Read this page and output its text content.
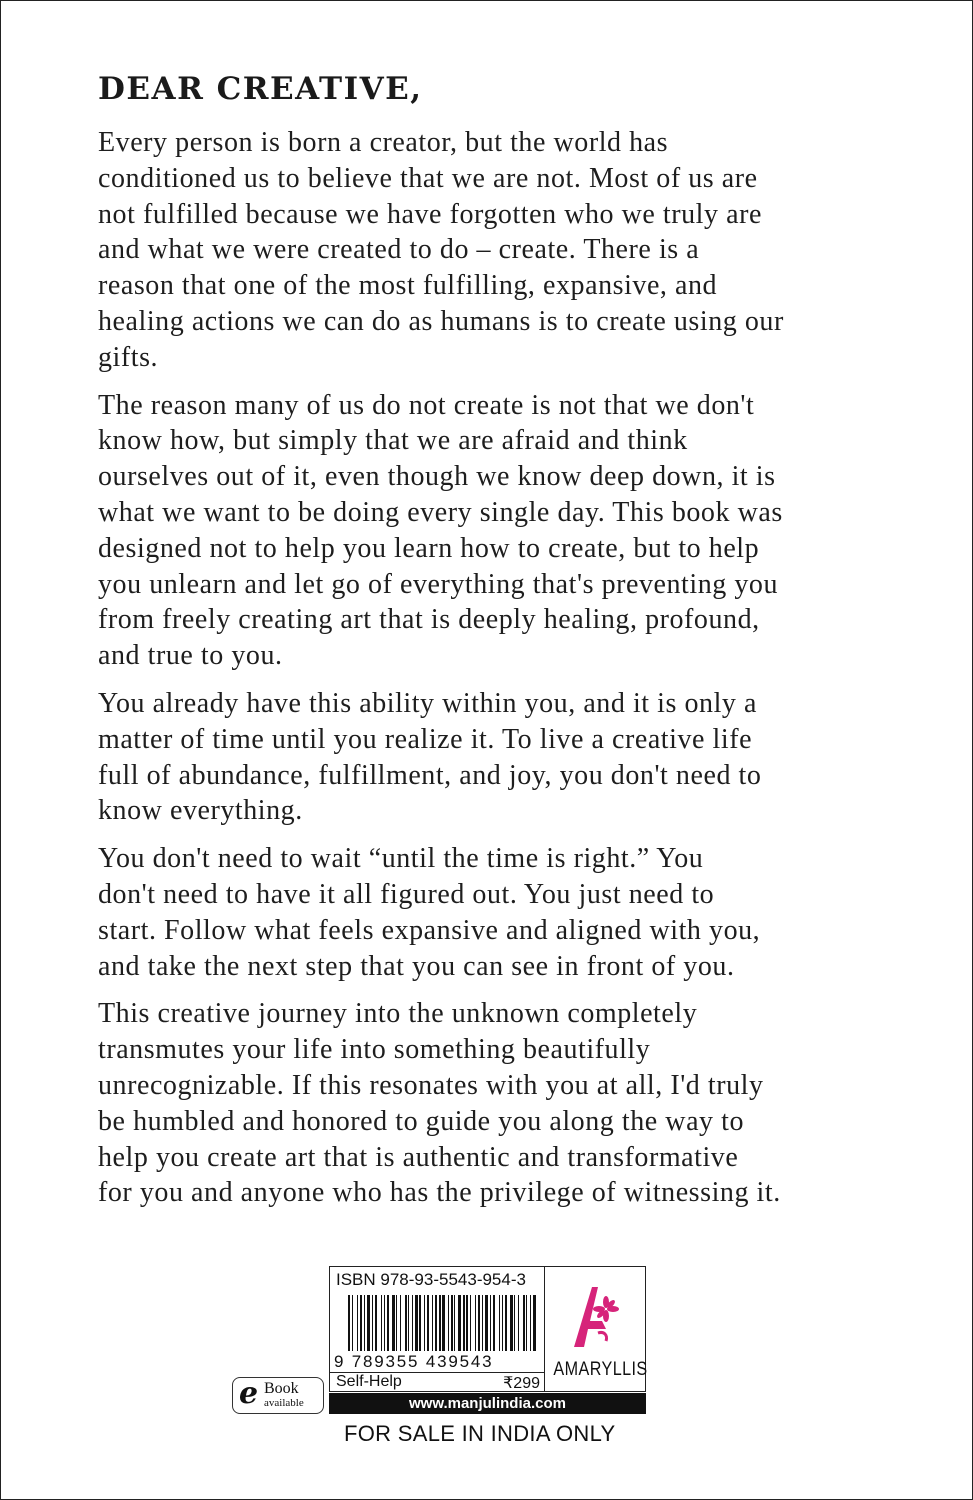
DEAR CREATIVE,

Every person is born a creator, but the world has
conditioned us to believe that we are not. Most of us are
not fulfilled because we have forgotten who we truly are
and what we were created to do – create. There is a
reason that one of the most fulfilling, expansive, and
healing actions we can do as humans is to create using our
gifts.

The reason many of us do not create is not that we don't
know how, but simply that we are afraid and think
ourselves out of it, even though we know deep down, it is
what we want to be doing every single day. This book was
designed not to help you learn how to create, but to help
you unlearn and let go of everything that's preventing you
from freely creating art that is deeply healing, profound,
and true to you.

You already have this ability within you, and it is only a
matter of time until you realize it. To live a creative life
full of abundance, fulfillment, and joy, you don't need to
know everything.

You don't need to wait “until the time is right.” You
don't need to have it all figured out. You just need to
start. Follow what feels expansive and aligned with you,
and take the next step that you can see in front of you.

This creative journey into the unknown completely
transmutes your life into something beautifully
unrecognizable. If this resonates with you at all, I'd truly
be humbled and honored to guide you along the way to
help you create art that is authentic and transformative
for you and anyone who has the privilege of witnessing it.

ISBN 978-93-5543-954-3
9 789355 439543
Self-Help	₹299
AMARYLLIS
www.manjulindia.com
FOR SALE IN INDIA ONLY
e Book
available
